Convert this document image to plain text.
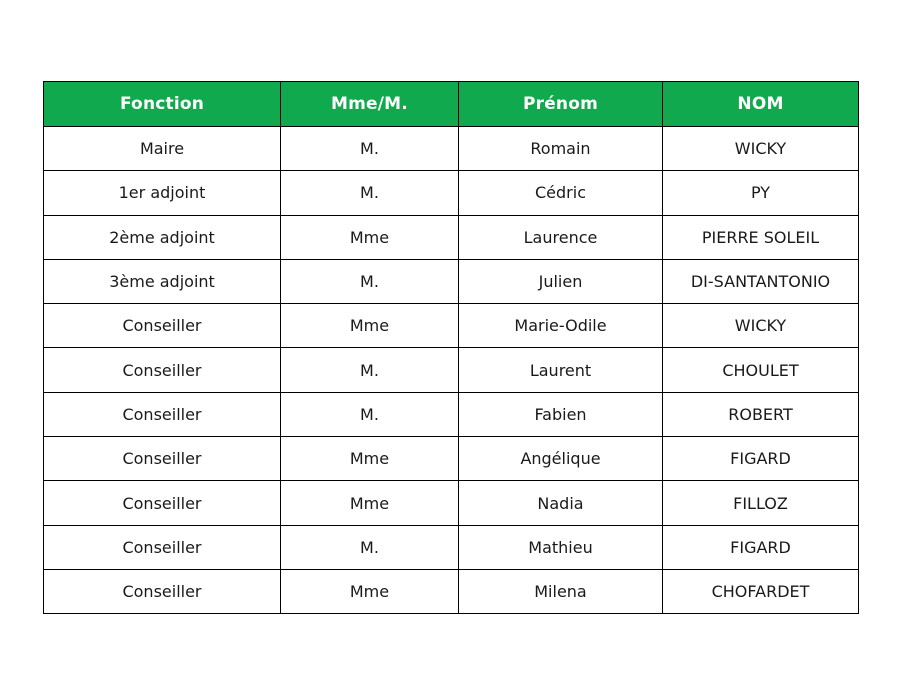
Fonction	Mme/M.	Prénom	NOM
Maire	M.	Romain	WICKY
1er adjoint	M.	Cédric	PY
2ème adjoint	Mme	Laurence	PIERRE SOLEIL
3ème adjoint	M.	Julien	DI-SANTANTONIO
Conseiller	Mme	Marie-Odile	WICKY
Conseiller	M.	Laurent	CHOULET
Conseiller	M.	Fabien	ROBERT
Conseiller	Mme	Angélique	FIGARD
Conseiller	Mme	Nadia	FILLOZ
Conseiller	M.	Mathieu	FIGARD
Conseiller	Mme	Milena	CHOFARDET
